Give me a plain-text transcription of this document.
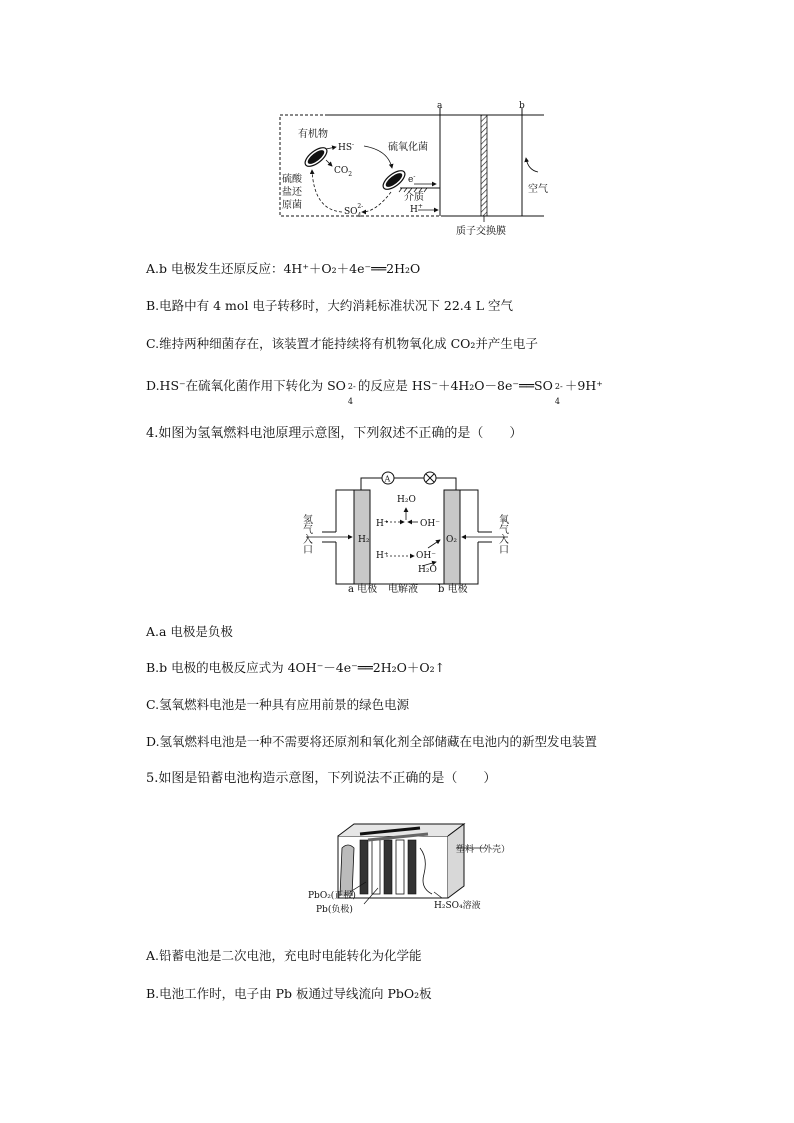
a	b
有机物
HS-
$CO_2$
硫氧化菌
硫酸
盐还
原菌
e-
介质
$SO_42-$	H+
空气
质子交换膜
A.b 电极发生还原反应：4H⁺＋O₂＋4e⁻══2H₂O
B.电路中有 4 mol 电子转移时，大约消耗标准状况下 22.4 L 空气
C.维持两种细菌存在，该装置才能持续将有机物氧化成 CO₂并产生电子
D.HS⁻在硫氧化菌作用下转化为 SO 2-
4
的反应是 HS⁻＋4H₂O－8e⁻══SO 2-
4
＋9H⁺
4.如图为氢氧燃料电池原理示意图，下列叙述不正确的是（　　）
A
氢气入口	氧气入口
H₂O
H⁺	OH⁻
H₂	O₂
H⁺	OH⁻
H₂O
a 电极 电解液 b 电极
A.a 电极是负极
B.b 电极的电极反应式为 4OH⁻－4e⁻══2H₂O＋O₂↑
C.氢氧燃料电池是一种具有应用前景的绿色电源
D.氢氧燃料电池是一种不需要将还原剂和氧化剂全部储藏在电池内的新型发电装置
5.如图是铅蓄电池构造示意图，下列说法不正确的是（　　）
塑料（外壳）
PbO₂(正极)
Pb(负极)	H₂SO₄溶液
A.铅蓄电池是二次电池，充电时电能转化为化学能
B.电池工作时，电子由 Pb 板通过导线流向 PbO₂板
